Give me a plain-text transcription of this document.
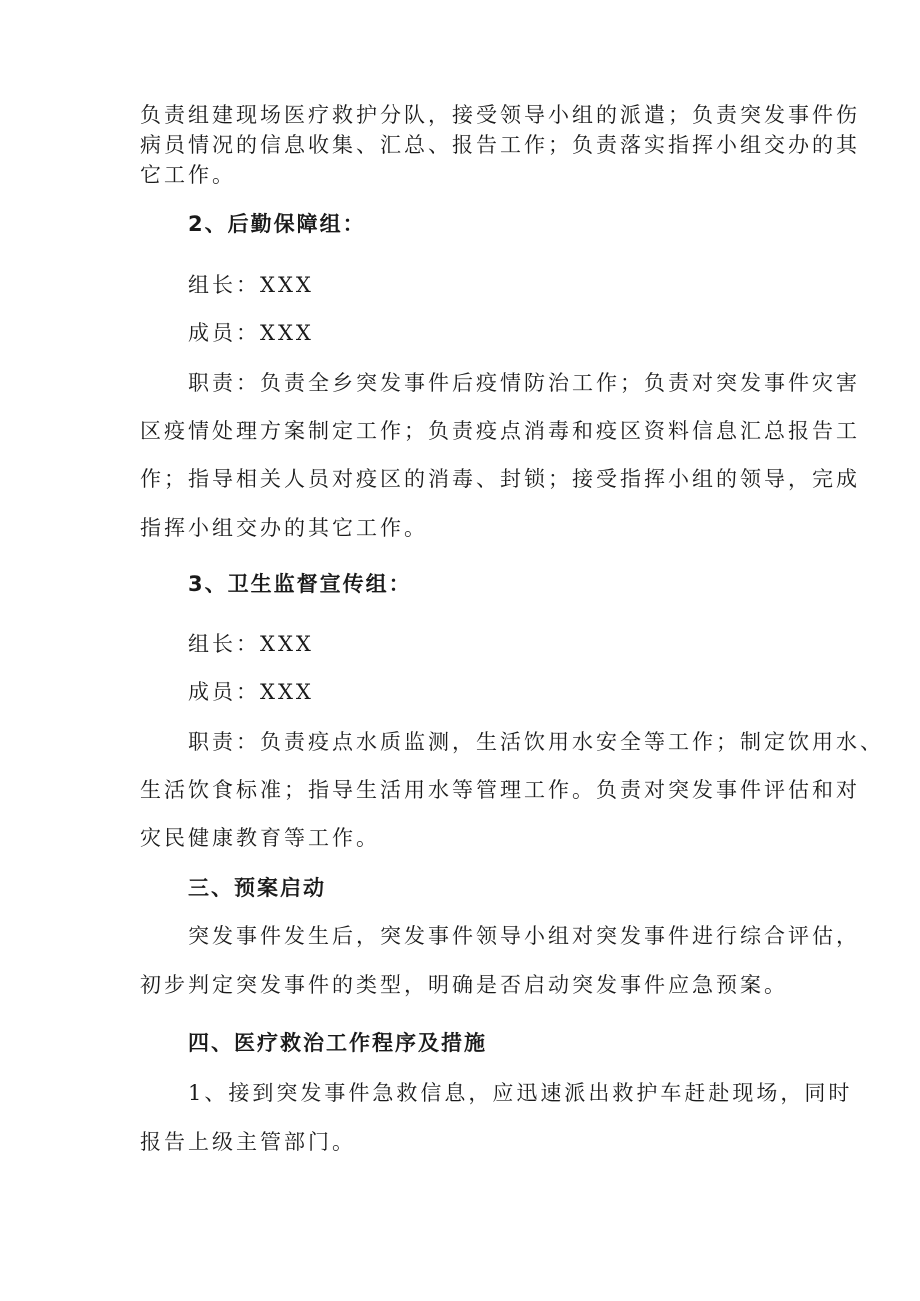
负责组建现场医疗救护分队，接受领导小组的派遣；负责突发事件伤
病员情况的信息收集、汇总、报告工作；负责落实指挥小组交办的其
它工作。
2、后勤保障组：
组长：XXX
成员：XXX
职责：负责全乡突发事件后疫情防治工作；负责对突发事件灾害
区疫情处理方案制定工作；负责疫点消毒和疫区资料信息汇总报告工
作；指导相关人员对疫区的消毒、封锁；接受指挥小组的领导，完成
指挥小组交办的其它工作。
3、卫生监督宣传组：
组长：XXX
成员：XXX
职责：负责疫点水质监测，生活饮用水安全等工作；制定饮用水、
生活饮食标准；指导生活用水等管理工作。负责对突发事件评估和对
灾民健康教育等工作。
三、预案启动
突发事件发生后，突发事件领导小组对突发事件进行综合评估，
初步判定突发事件的类型，明确是否启动突发事件应急预案。
四、医疗救治工作程序及措施
1、接到突发事件急救信息，应迅速派出救护车赶赴现场，同时
报告上级主管部门。
